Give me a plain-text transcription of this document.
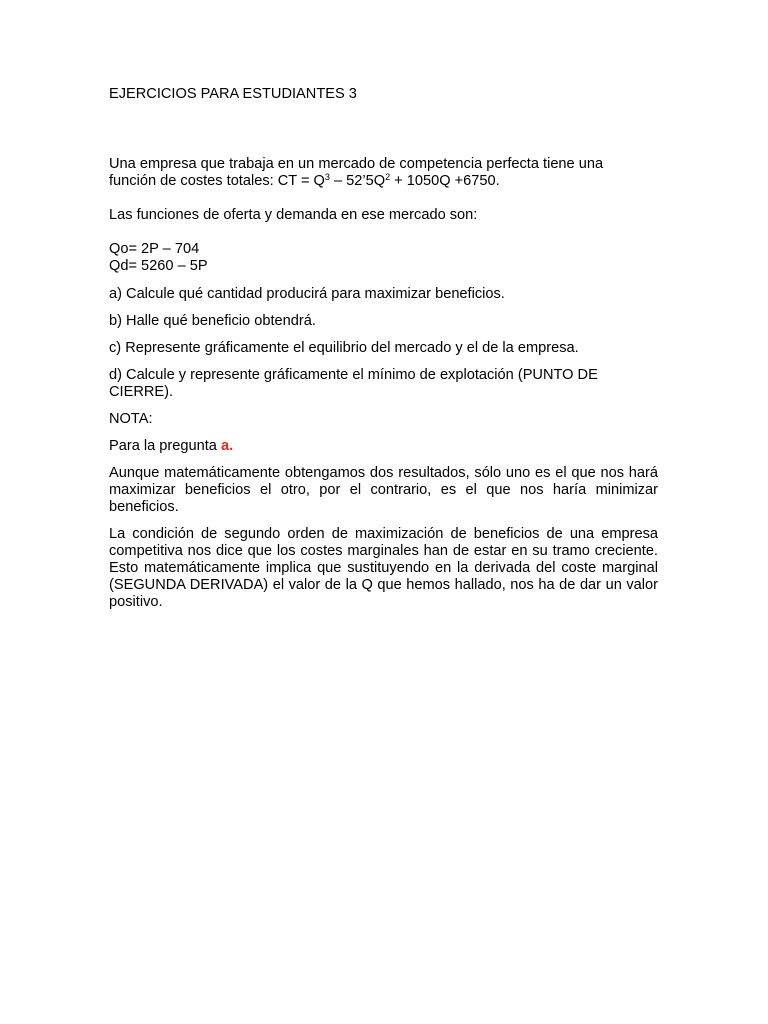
EJERCICIOS PARA ESTUDIANTES 3

Una empresa que trabaja en un mercado de competencia perfecta tiene una
función de costes totales: CT = $Q^3$ – $52’5Q^2 + 1050Q +6750$.

Las funciones de oferta y demanda en ese mercado son:

Qo= 2P – 704
Qd= 5260 – 5P

a) Calcule qué cantidad producirá para maximizar beneficios.

b) Halle qué beneficio obtendrá.

c) Represente gráficamente el equilibrio del mercado y el de la empresa.

d) Calcule y represente gráficamente el mínimo de explotación (PUNTO DE CIERRE).

NOTA:

Para la pregunta a.

Aunque matemáticamente obtengamos dos resultados, sólo uno es el que nos hará maximizar beneficios el otro, por el contrario, es el que nos haría minimizar beneficios.

La condición de segundo orden de maximización de beneficios de una empresa competitiva nos dice que los costes marginales han de estar en su tramo creciente. Esto matemáticamente implica que sustituyendo en la derivada del coste marginal (SEGUNDA DERIVADA) el valor de la Q que hemos hallado, nos ha de dar un valor positivo.
